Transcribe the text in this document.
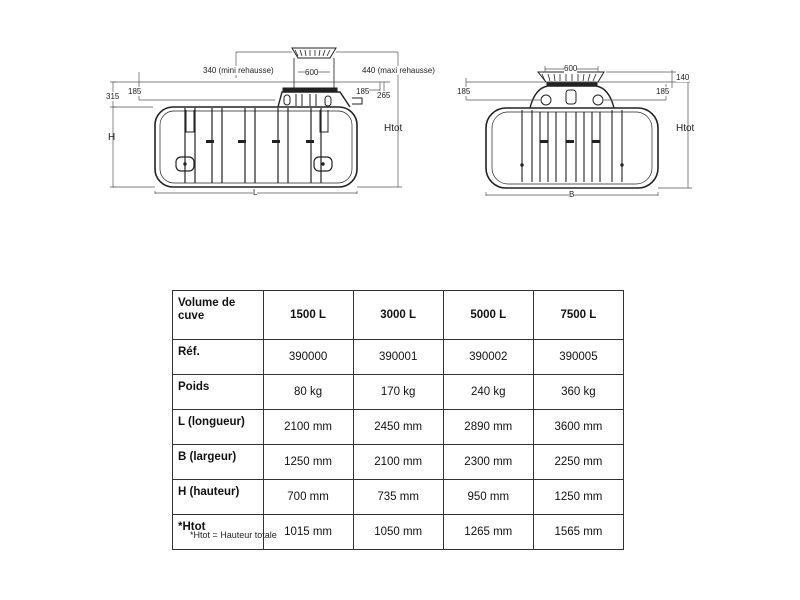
340 (mini rehausse)	440 (maxi rehausse)
600
185	185
315	265
H
Htot
L
600
140
185	185
Htot
B
Volume de cuve	1500 L	3000 L	5000 L	7500 L
Réf.	390000	390001	390002	390005
Poids	80 kg	170 kg	240 kg	360 kg
L (longueur)	2100 mm	2450 mm	2890 mm	3600 mm
B (largeur)	1250 mm	2100 mm	2300 mm	2250 mm
H (hauteur)	700 mm	735 mm	950 mm	1250 mm
*Htot	1015 mm	1050 mm	1265 mm	1565 mm
*Htot = Hauteur totale
